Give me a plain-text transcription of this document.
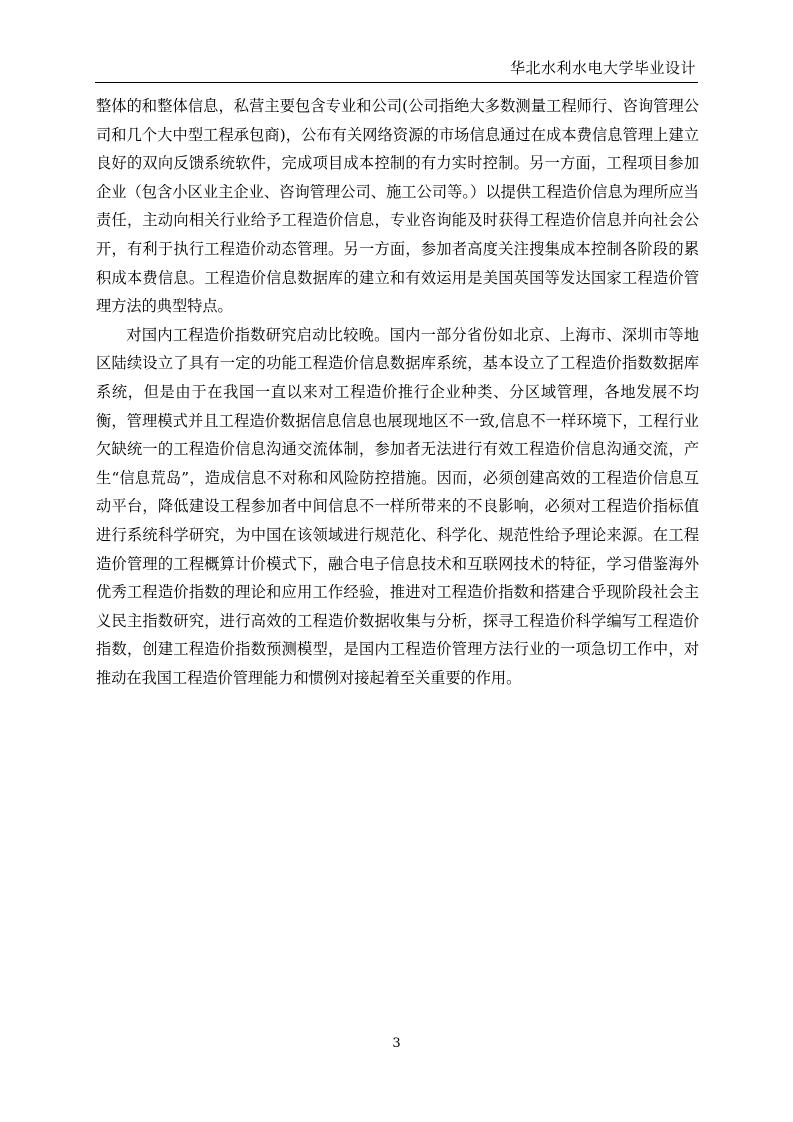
华北水利水电大学毕业设计

整体的和整体信息，私营主要包含专业和公司(公司指绝大多数测量工程师行、咨询管理公司和几个大中型工程承包商)，公布有关网络资源的市场信息通过在成本费信息管理上建立良好的双向反馈系统软件，完成项目成本控制的有力实时控制。另一方面，工程项目参加企业（包含小区业主企业、咨询管理公司、施工公司等。）以提供工程造价信息为理所应当责任，主动向相关行业给予工程造价信息，专业咨询能及时获得工程造价信息并向社会公开，有利于执行工程造价动态管理。另一方面，参加者高度关注搜集成本控制各阶段的累积成本费信息。工程造价信息数据库的建立和有效运用是美国英国等发达国家工程造价管理方法的典型特点。

对国内工程造价指数研究启动比较晚。国内一部分省份如北京、上海市、深圳市等地区陆续设立了具有一定的功能工程造价信息数据库系统，基本设立了工程造价指数数据库系统，但是由于在我国一直以来对工程造价推行企业种类、分区域管理，各地发展不均衡，管理模式并且工程造价数据信息信息也展现地区不一致,信息不一样环境下，工程行业欠缺统一的工程造价信息沟通交流体制，参加者无法进行有效工程造价信息沟通交流，产生“信息荒岛”，造成信息不对称和风险防控措施。因而，必须创建高效的工程造价信息互动平台，降低建设工程参加者中间信息不一样所带来的不良影响，必须对工程造价指标值进行系统科学研究，为中国在该领域进行规范化、科学化、规范性给予理论来源。在工程造价管理的工程概算计价模式下，融合电子信息技术和互联网技术的特征，学习借鉴海外优秀工程造价指数的理论和应用工作经验，推进对工程造价指数和搭建合乎现阶段社会主义民主指数研究，进行高效的工程造价数据收集与分析，探寻工程造价科学编写工程造价指数，创建工程造价指数预测模型，是国内工程造价管理方法行业的一项急切工作中，对推动在我国工程造价管理能力和惯例对接起着至关重要的作用。

3
